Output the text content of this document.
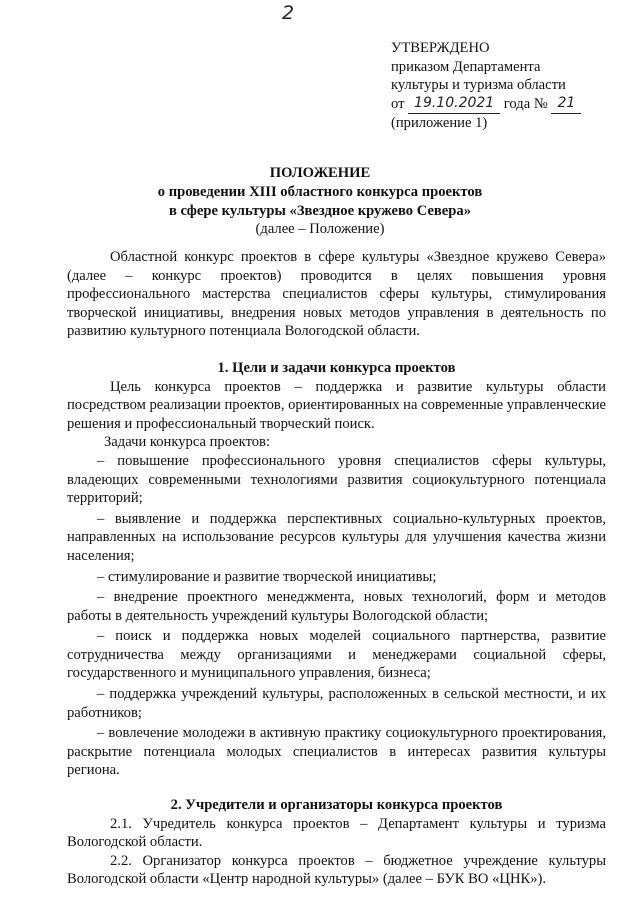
2
УТВЕРЖДЕНО
приказом Департамента
культуры и туризма области
от 19.10.2021 года № 21
(приложение 1)
ПОЛОЖЕНИЕ
о проведении XIII областного конкурса проектов
в сфере культуры «Звездное кружево Севера»
(далее – Положение)

Областной конкурс проектов в сфере культуры «Звездное кружево Севера» (далее – конкурс проектов) проводится в целях повышения уровня профессионального мастерства специалистов сферы культуры, стимулирования творческой инициативы, внедрения новых методов управления в деятельность по развитию культурного потенциала Вологодской области.

1. Цели и задачи конкурса проектов

Цель конкурса проектов – поддержка и развитие культуры области посредством реализации проектов, ориентированных на современные управленческие решения и профессиональный творческий поиск.

Задачи конкурса проектов:

– повышение профессионального уровня специалистов сферы культуры, владеющих современными технологиями развития социокультурного потенциала территорий;

– выявление и поддержка перспективных социально-культурных проектов, направленных на использование ресурсов культуры для улучшения качества жизни населения;

– стимулирование и развитие творческой инициативы;

– внедрение проектного менеджмента, новых технологий, форм и методов работы в деятельность учреждений культуры Вологодской области;

– поиск и поддержка новых моделей социального партнерства, развитие сотрудничества между организациями и менеджерами социальной сферы, государственного и муниципального управления, бизнеса;

– поддержка учреждений культуры, расположенных в сельской местности, и их работников;

– вовлечение молодежи в активную практику социокультурного проектирования, раскрытие потенциала молодых специалистов в интересах развития культуры региона.

2. Учредители и организаторы конкурса проектов

2.1. Учредитель конкурса проектов – Департамент культуры и туризма Вологодской области.

2.2. Организатор конкурса проектов – бюджетное учреждение культуры Вологодской области «Центр народной культуры» (далее – БУК ВО «ЦНК»).
